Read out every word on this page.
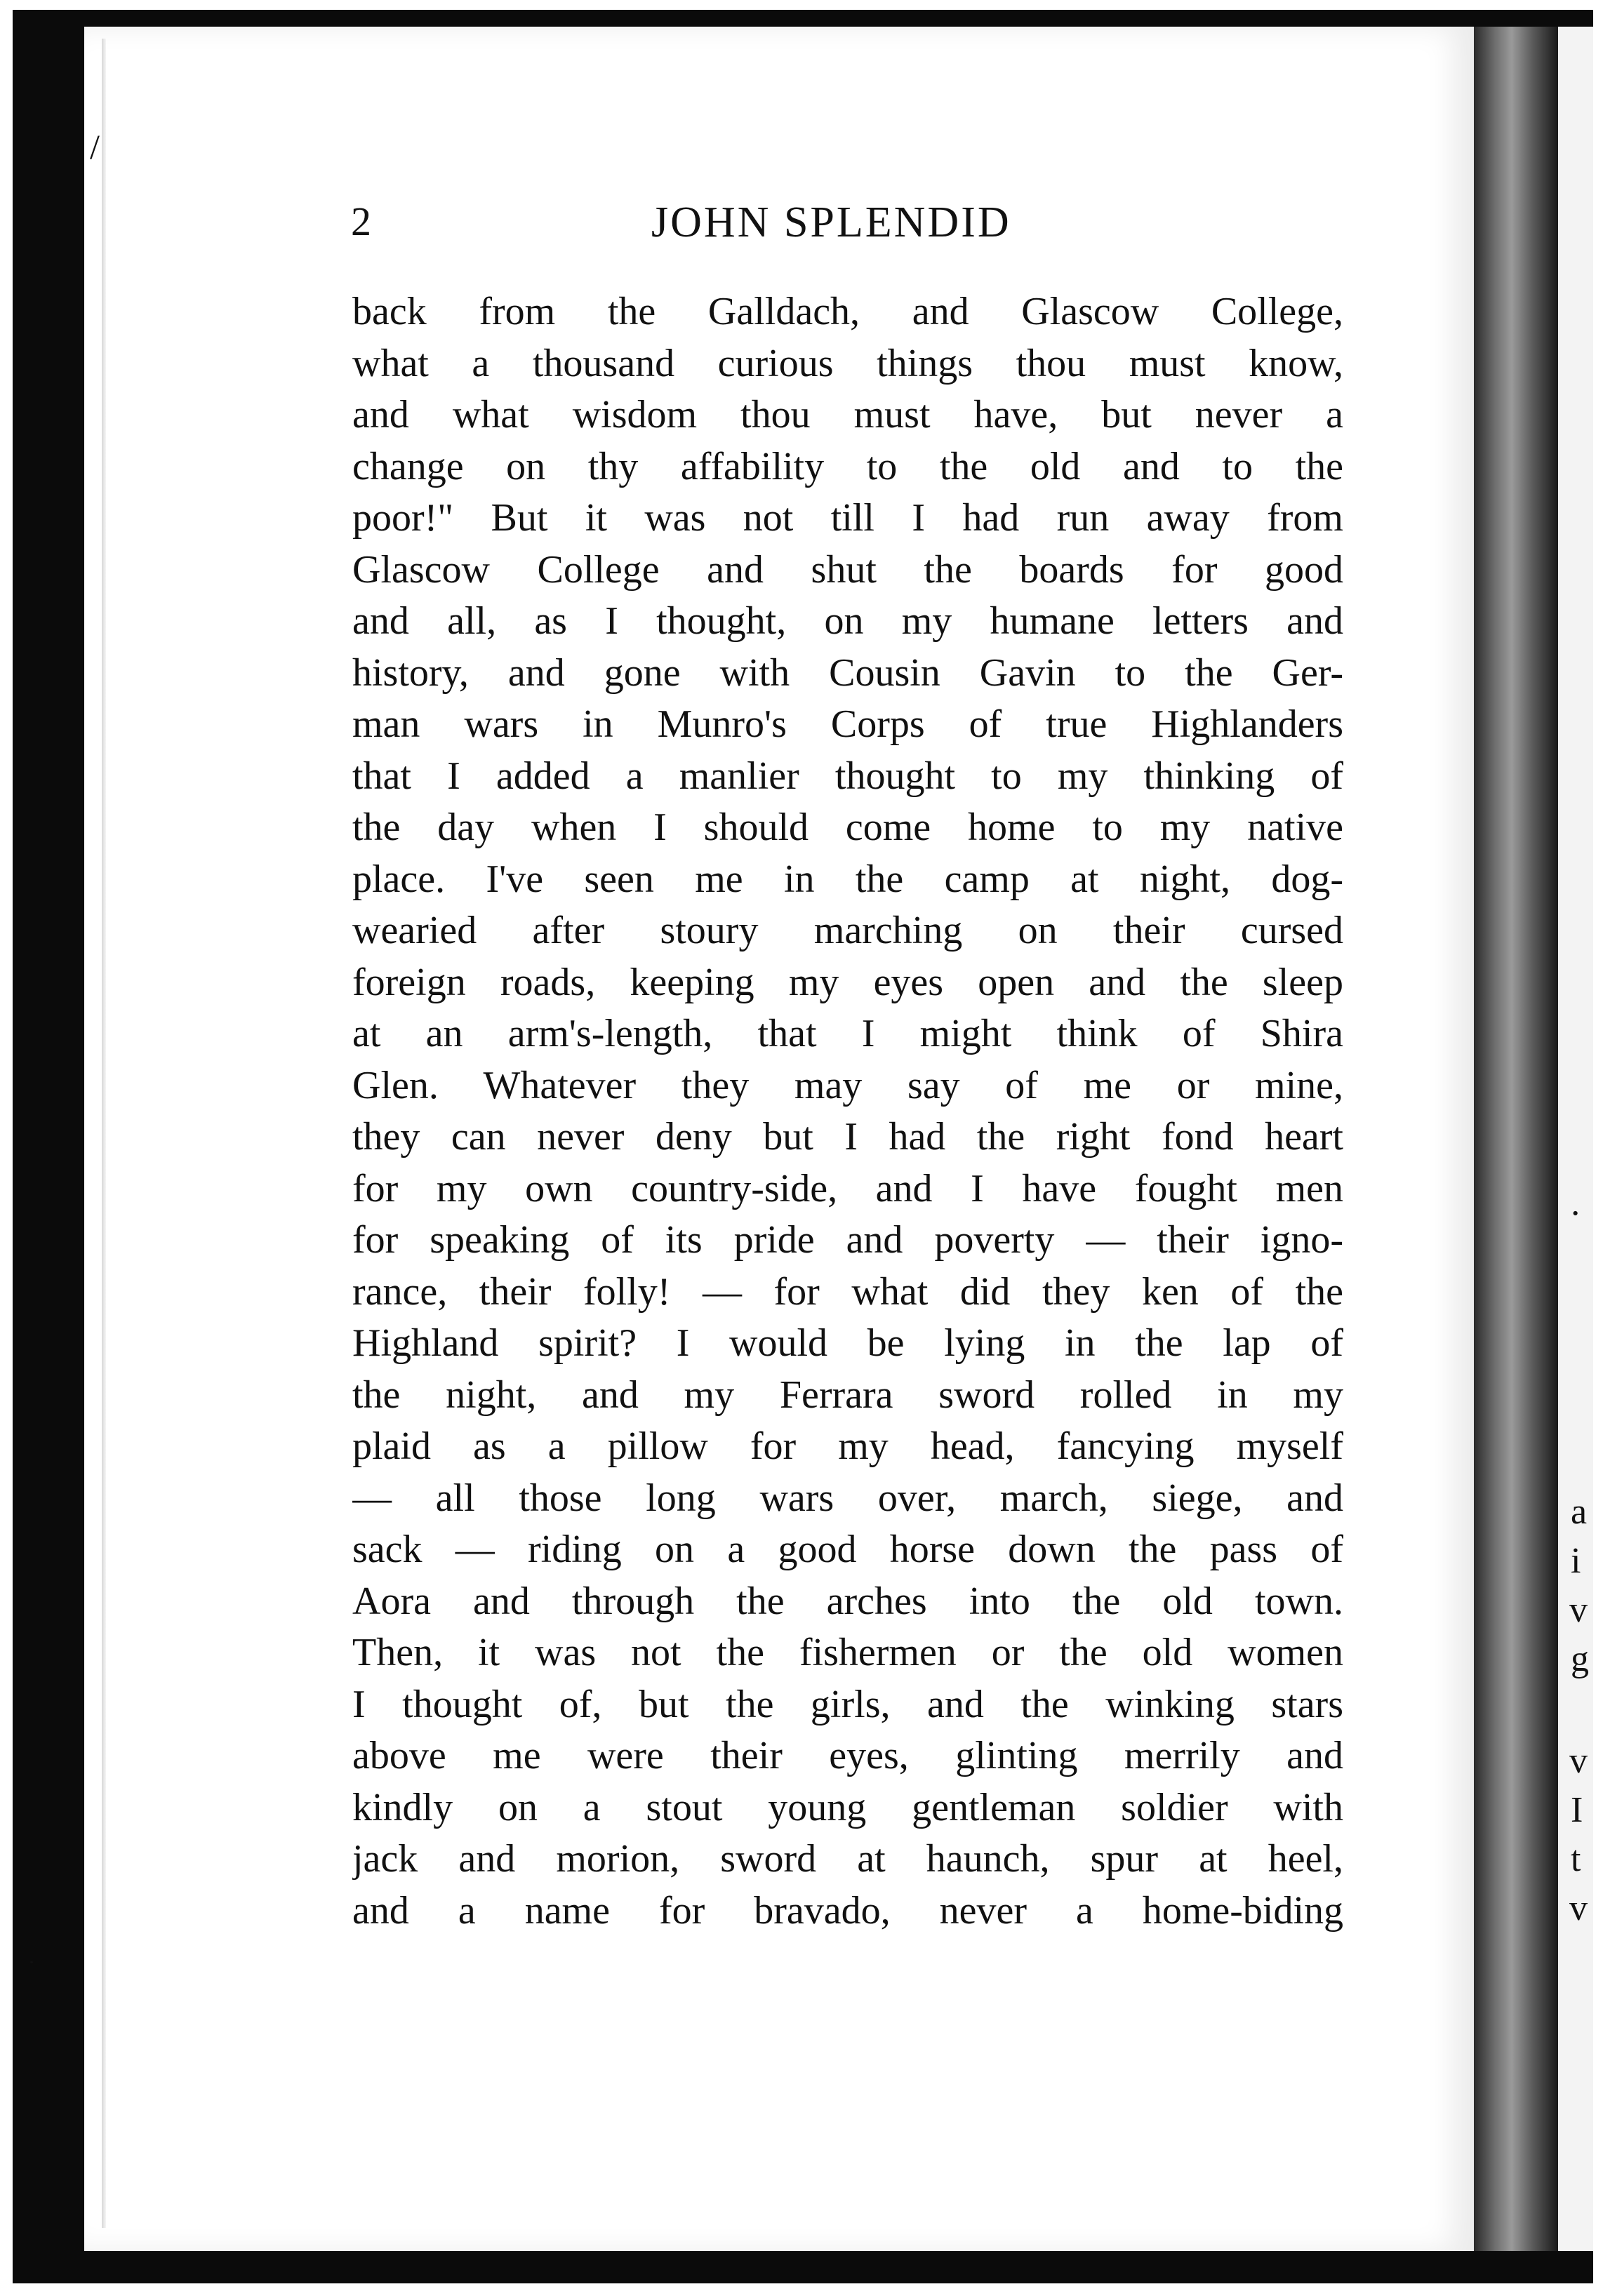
·
a
i
v
g
v
I
t
v
/
·
2	JOHN SPLENDID
back from the Galldach, and Glascow College,
what a thousand curious things thou must know,
and what wisdom thou must have, but never a
change on thy affability to the old and to the
poor!" But it was not till I had run away from
Glascow College and shut the boards for good
and all, as I thought, on my humane letters and
history, and gone with Cousin Gavin to the Ger-
man wars in Munro's Corps of true Highlanders
that I added a manlier thought to my thinking of
the day when I should come home to my native
place. I've seen me in the camp at night, dog-
wearied after stoury marching on their cursed
foreign roads, keeping my eyes open and the sleep
at an arm's-length, that I might think of Shira
Glen. Whatever they may say of me or mine,
they can never deny but I had the right fond heart
for my own country-side, and I have fought men
for speaking of its pride and poverty — their igno-
rance, their folly! — for what did they ken of the
Highland spirit? I would be lying in the lap of
the night, and my Ferrara sword rolled in my
plaid as a pillow for my head, fancying myself
— all those long wars over, march, siege, and
sack — riding on a good horse down the pass of
Aora and through the arches into the old town.
Then, it was not the fishermen or the old women
I thought of, but the girls, and the winking stars
above me were their eyes, glinting merrily and
kindly on a stout young gentleman soldier with
jack and morion, sword at haunch, spur at heel,
and a name for bravado, never a home-biding
